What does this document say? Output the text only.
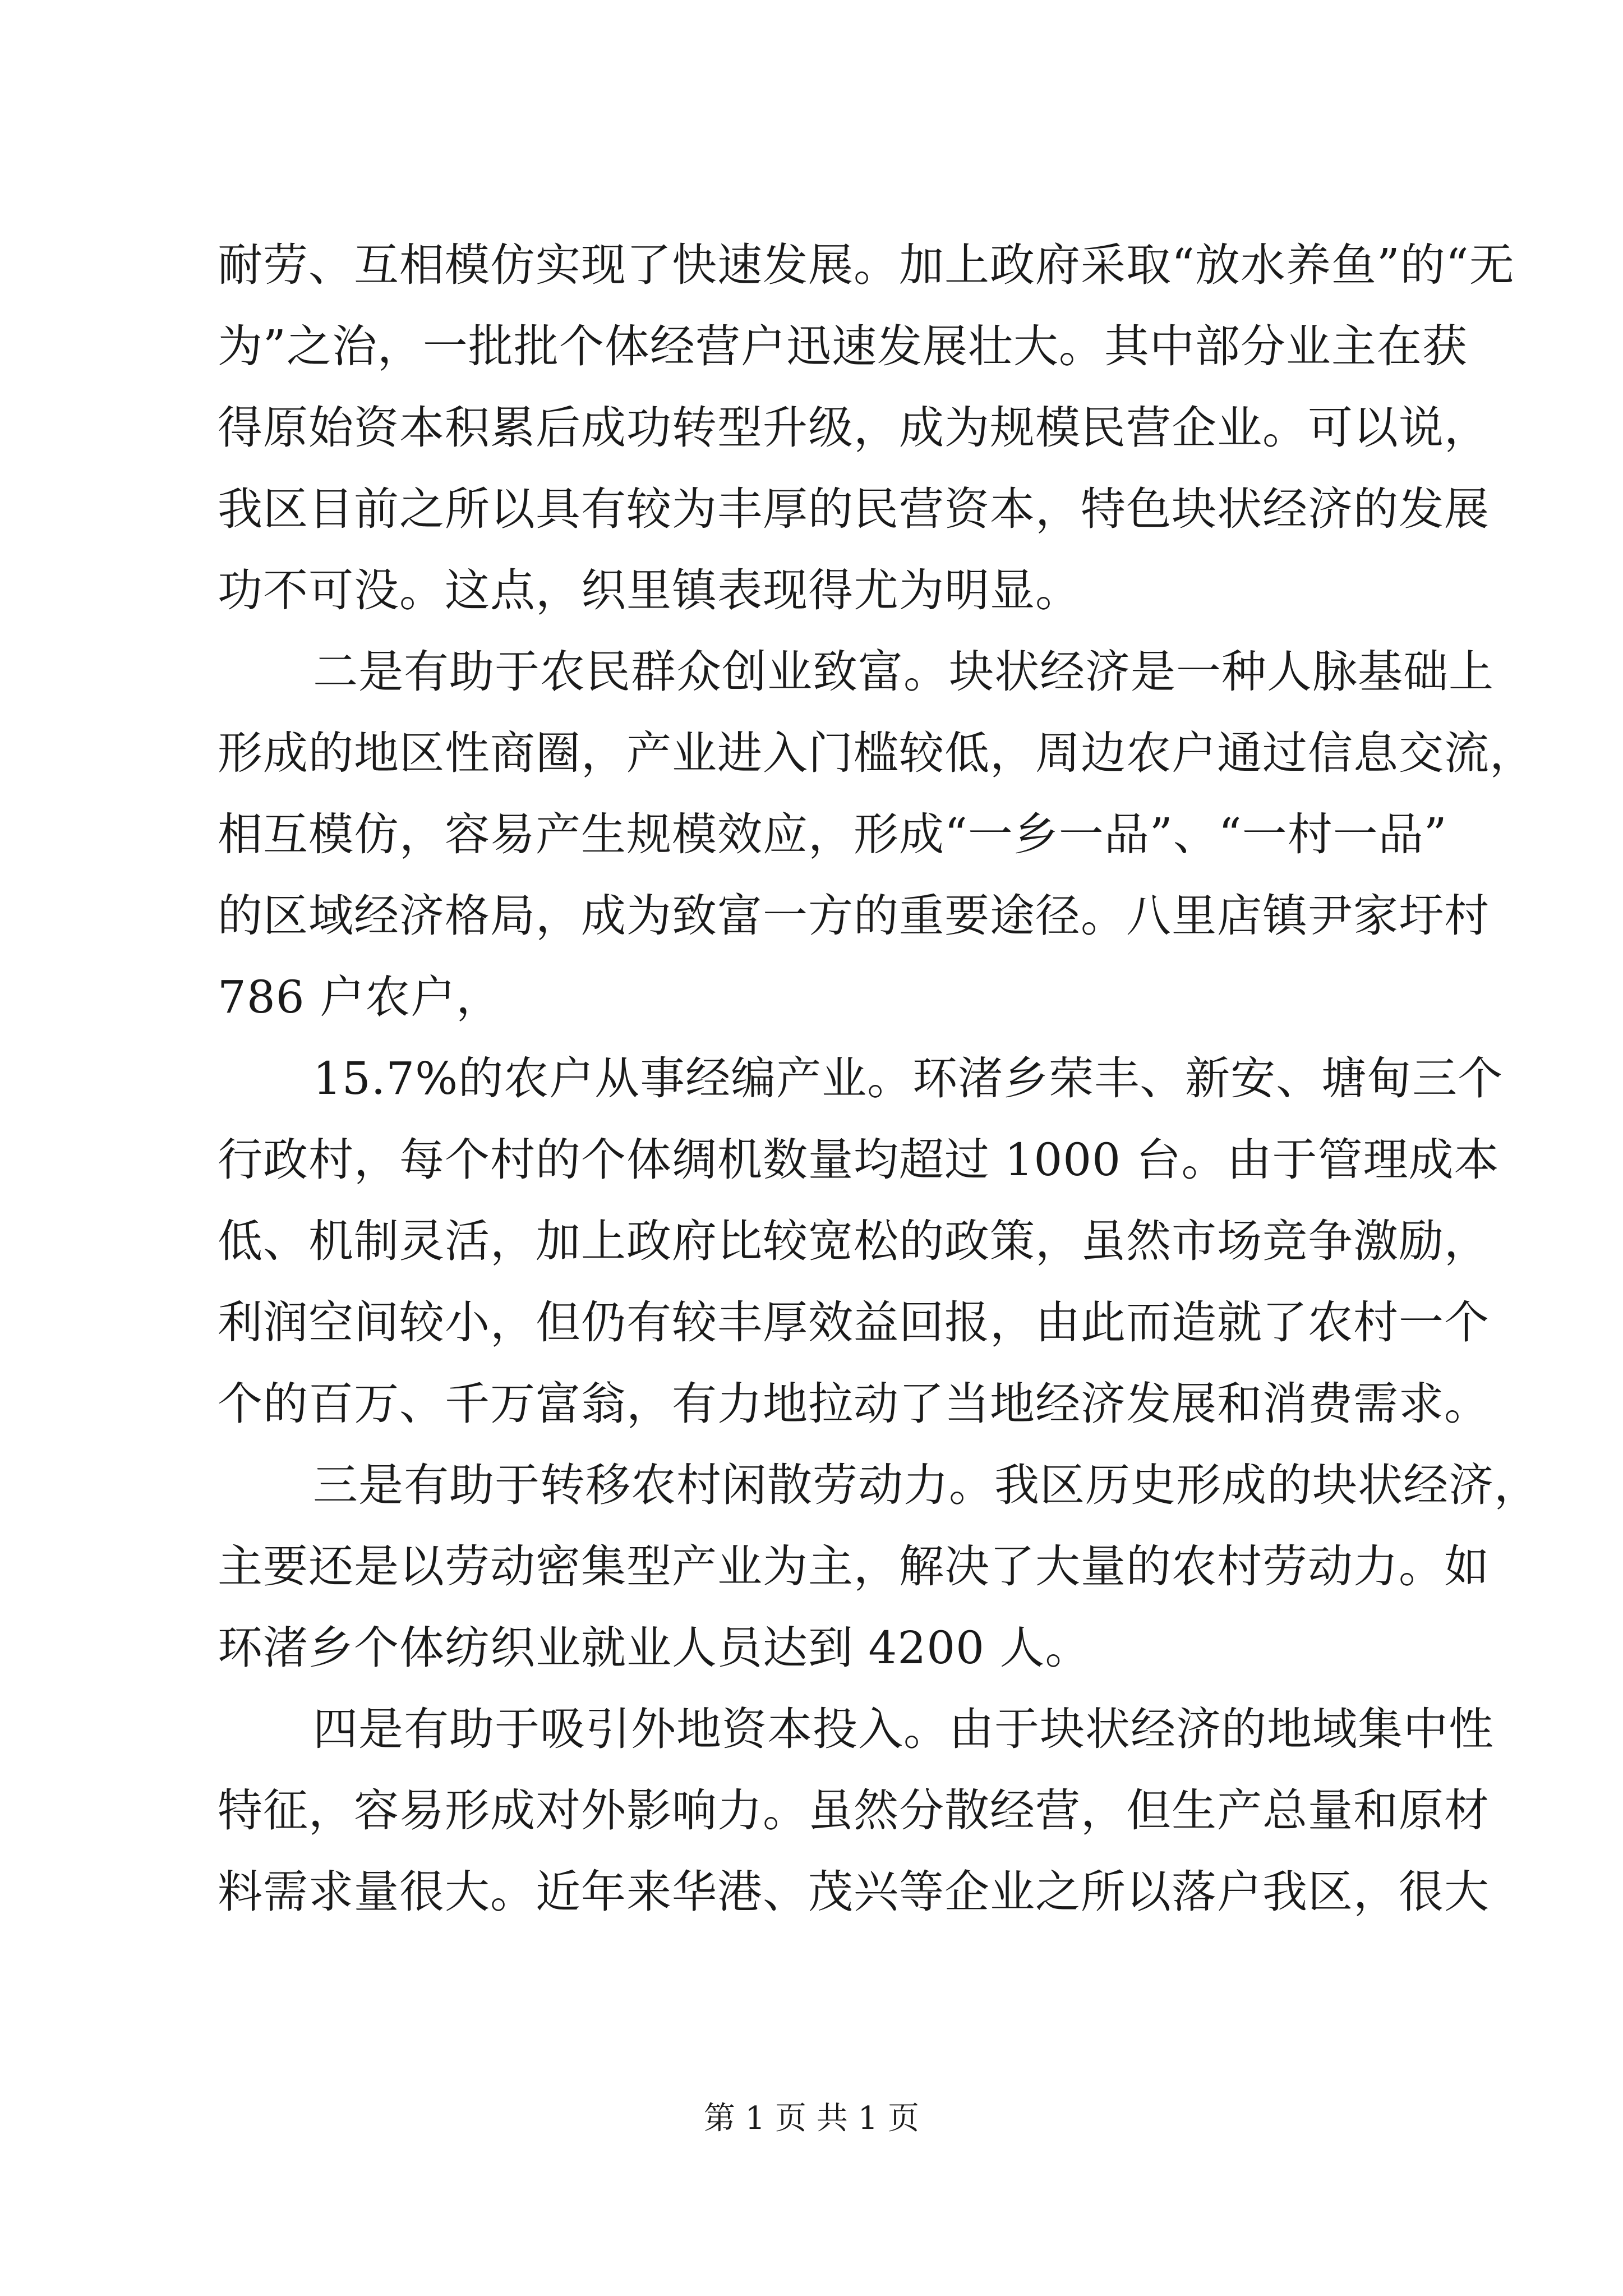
耐劳、互相模仿实现了快速发展。加上政府采取“放水养鱼”的“无
为”之治，一批批个体经营户迅速发展壮大。其中部分业主在获
得原始资本积累后成功转型升级，成为规模民营企业。可以说，
我区目前之所以具有较为丰厚的民营资本，特色块状经济的发展
功不可没。这点，织里镇表现得尤为明显。
二是有助于农民群众创业致富。块状经济是一种人脉基础上
形成的地区性商圈，产业进入门槛较低，周边农户通过信息交流，
相互模仿，容易产生规模效应，形成“一乡一品”、“一村一品”
的区域经济格局，成为致富一方的重要途径。八里店镇尹家圩村
786 户农户，
15.7%的农户从事经编产业。环渚乡荣丰、新安、塘甸三个
行政村，每个村的个体绸机数量均超过 1000 台。由于管理成本
低、机制灵活，加上政府比较宽松的政策，虽然市场竞争激励，
利润空间较小，但仍有较丰厚效益回报，由此而造就了农村一个
个的百万、千万富翁，有力地拉动了当地经济发展和消费需求。
三是有助于转移农村闲散劳动力。我区历史形成的块状经济，
主要还是以劳动密集型产业为主，解决了大量的农村劳动力。如
环渚乡个体纺织业就业人员达到 4200 人。
四是有助于吸引外地资本投入。由于块状经济的地域集中性
特征，容易形成对外影响力。虽然分散经营，但生产总量和原材
料需求量很大。近年来华港、茂兴等企业之所以落户我区，很大
第 1 页 共 1 页
